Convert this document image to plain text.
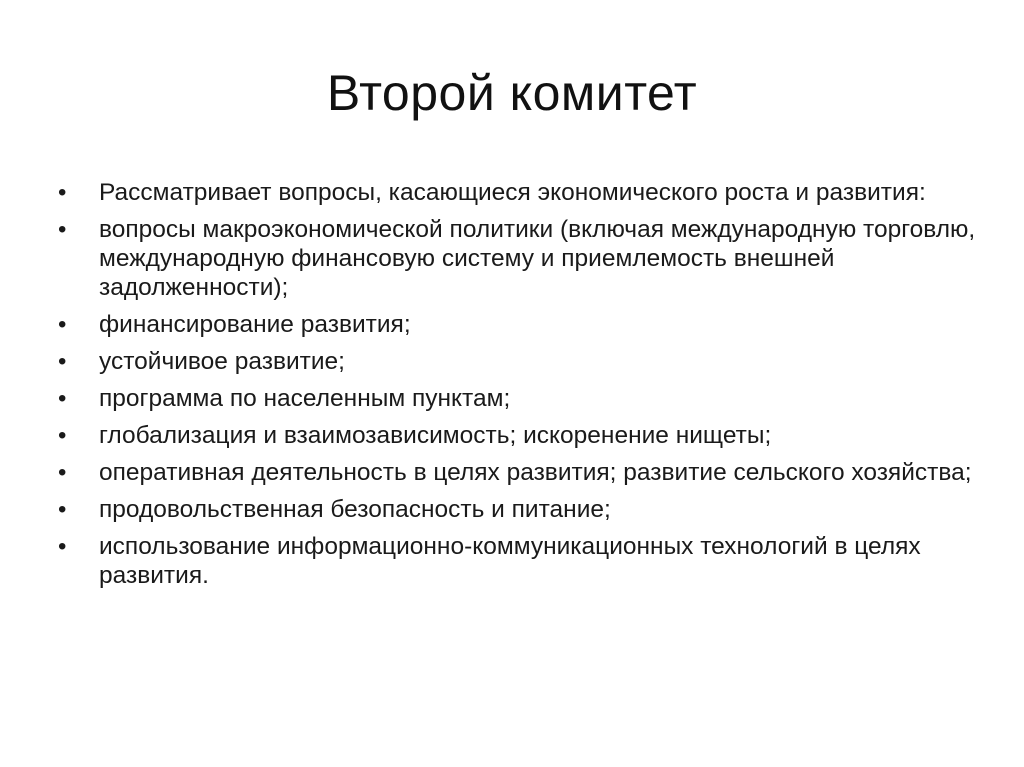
Второй комитет
• Рассматривает вопросы, касающиеся экономического роста и развития:
• вопросы макроэкономической политики (включая международную торговлю, международную финансовую систему и приемлемость внешней задолженности);
• финансирование развития;
• устойчивое развитие;
• программа по населенным пунктам;
• глобализация и взаимозависимость; искоренение нищеты;
• оперативная деятельность в целях развития; развитие сельского хозяйства;
• продовольственная безопасность и питание;
• использование информационно-коммуникационных технологий в целях развития.
